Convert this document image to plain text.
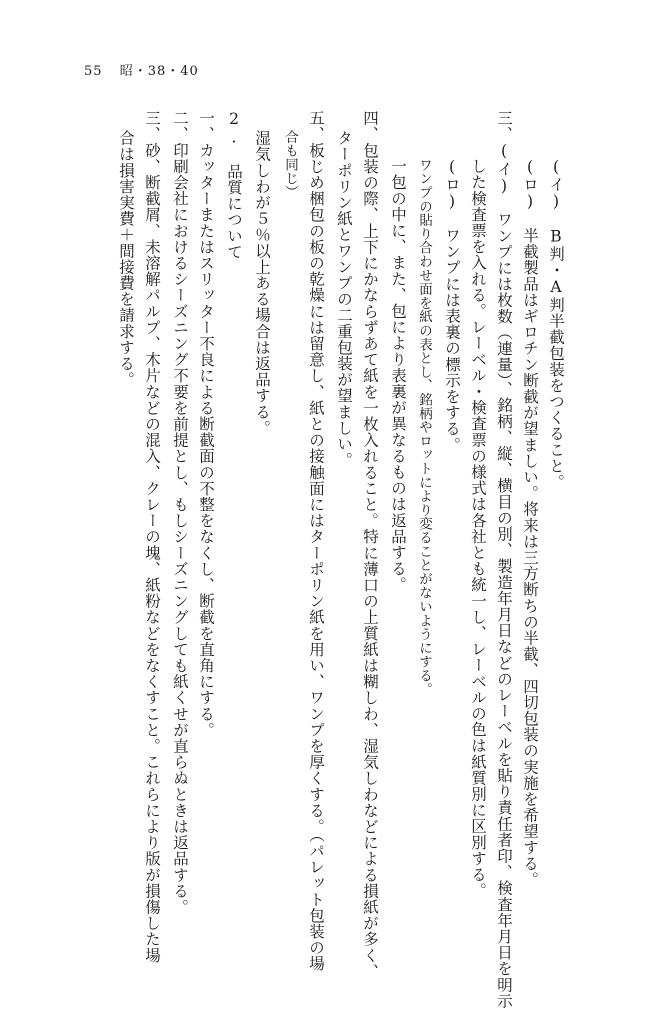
55 昭・38・40
(イ)　B判・A判半截包装をつくること。
(ロ)　半截製品はギロチン断截が望ましい。将来は三方断ちの半截、四切包装の実施を希望する。
三、(イ)　ワンプには枚数（連量）、銘柄、縦、横目の別、製造年月日などのレーベルを貼り責任者印、検査年月日を明示
した検査票を入れる。レーベル・検査票の様式は各社とも統一し、レーベルの色は紙質別に区別する。
(ロ)　ワンプには表裏の標示をする。
ワンプの貼り合わせ面を紙の表とし、銘柄やロットにより変ることがないようにする。
一包の中に、また、包により表裏が異なるものは返品する。
四、包装の際、上下にかならずあて紙を一枚入れること。特に薄口の上質紙は糊しわ、湿気しわなどによる損紙が多く、
ターポリン紙とワンプの二重包装が望ましい。
五、板じめ梱包の板の乾燥には留意し、紙との接触面にはターポリン紙を用い、ワンプを厚くする。（パレット包装の場
合も同じ）
湿気しわが５％以上ある場合は返品する。
2.　品質について
一、カッターまたはスリッター不良による断截面の不整をなくし、断截を直角にする。
二、印刷会社におけるシーズニング不要を前提とし、もしシーズニングしても紙くせが直らぬときは返品する。
三、砂、断截屑、未溶解パルプ、木片などの混入、クレーの塊、紙粉などをなくすこと。これらにより版が損傷した場
合は損害実費＋間接費を請求する。
